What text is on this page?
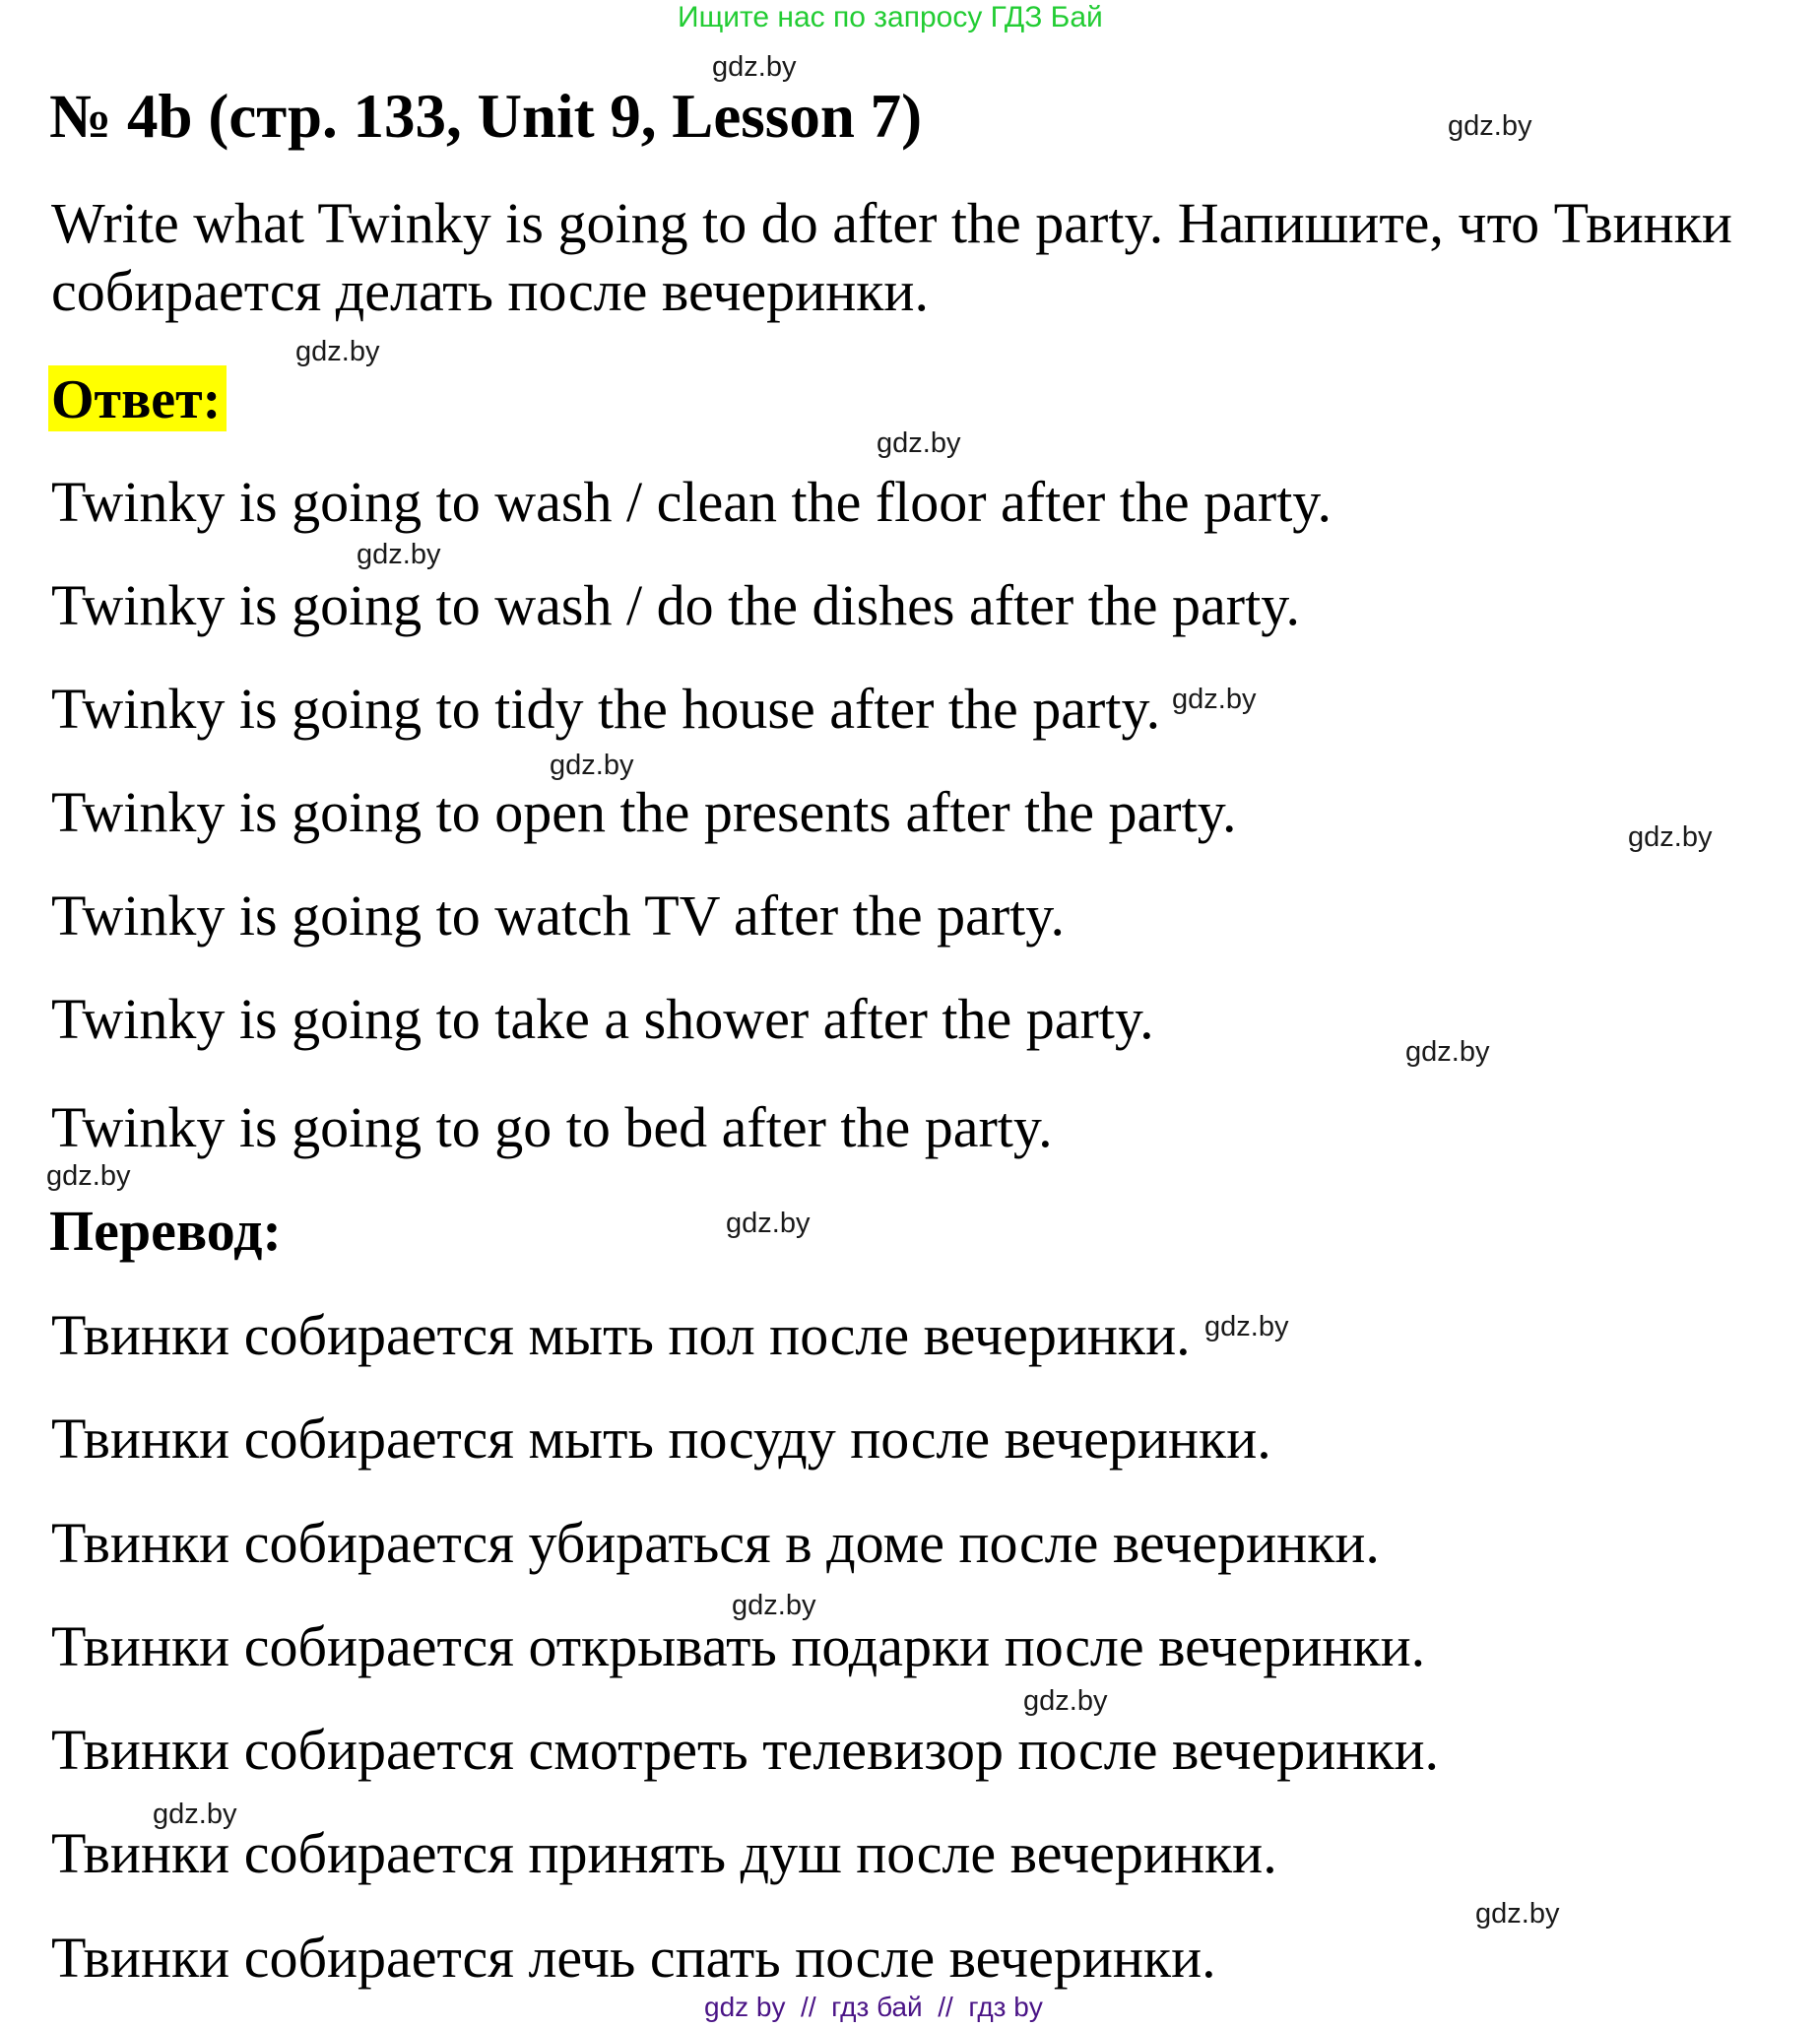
Ищите нас по запросу ГДЗ Бай
№ 4b (стр. 133, Unit 9, Lesson 7)
Write what Twinky is going to do after the party. Напишите, что Твинки
собирается делать после вечеринки.
Ответ:
Twinky is going to wash / clean the floor after the party.
Twinky is going to wash / do the dishes after the party.
Twinky is going to tidy the house after the party.
Twinky is going to open the presents after the party.
Twinky is going to watch TV after the party.
Twinky is going to take a shower after the party.
Twinky is going to go to bed after the party.
Перевод:
Твинки собирается мыть пол после вечеринки.
Твинки собирается мыть посуду после вечеринки.
Твинки собирается убираться в доме после вечеринки.
Твинки собирается открывать подарки после вечеринки.
Твинки собирается смотреть телевизор после вечеринки.
Твинки собирается принять душ после вечеринки.
Твинки собирается лечь спать после вечеринки.
gdz.by
gdz.by
gdz.by
gdz.by
gdz.by
gdz.by
gdz.by
gdz.by
gdz.by
gdz.by
gdz.by
gdz.by
gdz.by
gdz.by
gdz.by
gdz.by
gdz by  //  гдз бай  //  гдз by
